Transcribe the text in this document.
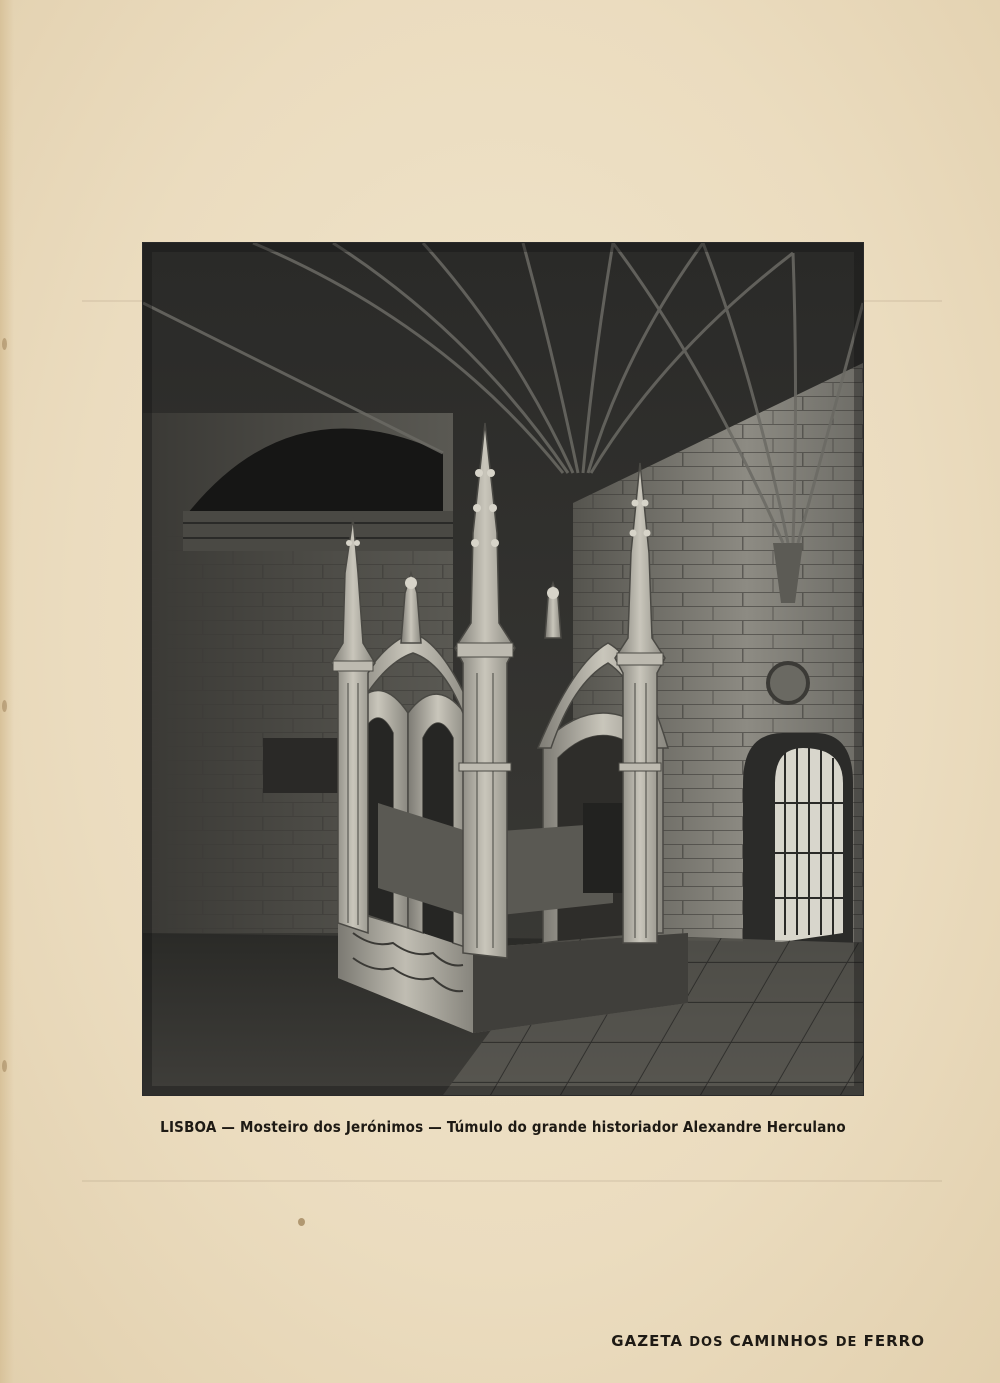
LISBOA — Mosteiro dos Jerónimos — Túmulo do grande historiador Alexandre Herculano
GAZETA DOS CAMINHOS DE FERRO
